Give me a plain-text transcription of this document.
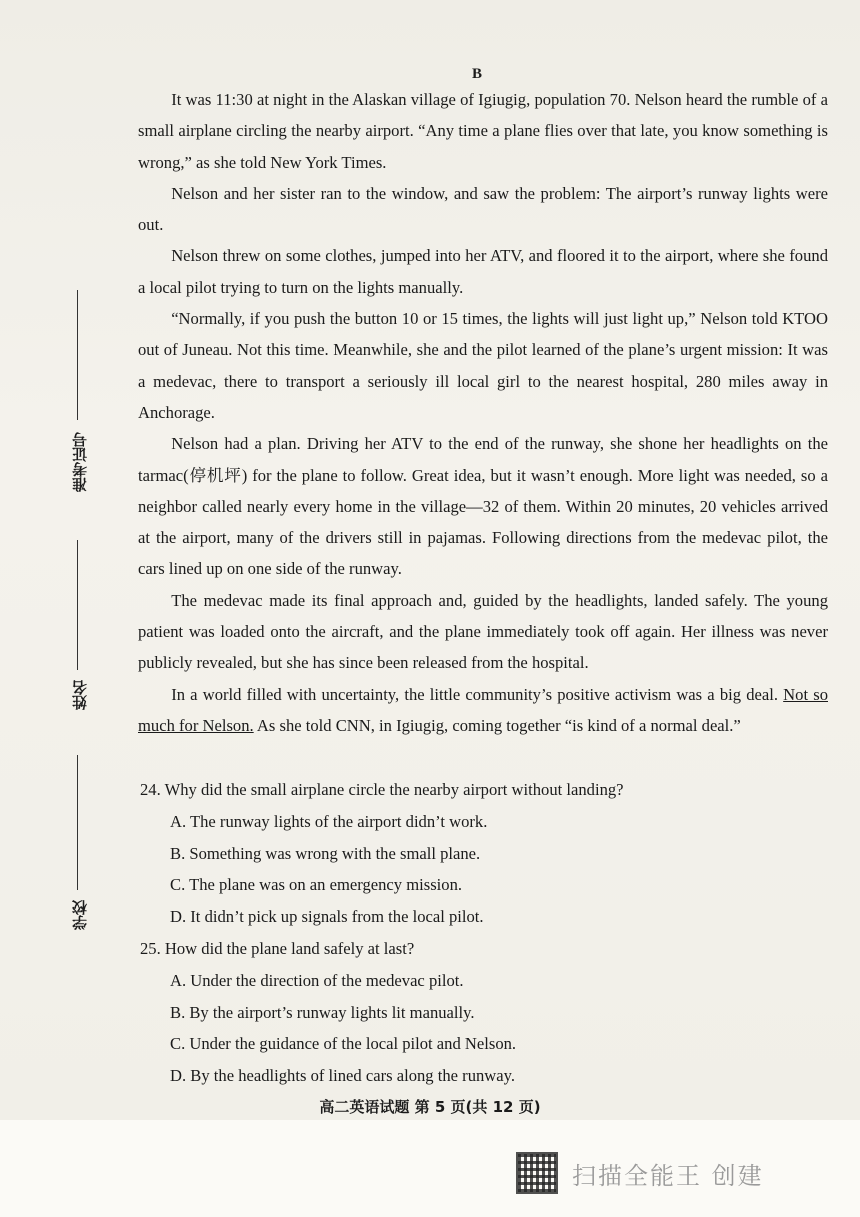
准考证号
姓名
学校
B

It was 11:30 at night in the Alaskan village of Igiugig, population 70. Nelson heard the rumble of a small airplane circling the nearby airport. “Any time a plane flies over that late, you know something is wrong,” as she told New York Times.

Nelson and her sister ran to the window, and saw the problem: The airport’s runway lights were out.

Nelson threw on some clothes, jumped into her ATV, and floored it to the airport, where she found a local pilot trying to turn on the lights manually.

“Normally, if you push the button 10 or 15 times, the lights will just light up,” Nelson told KTOO out of Juneau. Not this time. Meanwhile, she and the pilot learned of the plane’s urgent mission: It was a medevac, there to transport a seriously ill local girl to the nearest hospital, 280 miles away in Anchorage.

Nelson had a plan. Driving her ATV to the end of the runway, she shone her headlights on the tarmac(停机坪) for the plane to follow. Great idea, but it wasn’t enough. More light was needed, so a neighbor called nearly every home in the village—32 of them. Within 20 minutes, 20 vehicles arrived at the airport, many of the drivers still in pajamas. Following directions from the medevac pilot, the cars lined up on one side of the runway.

The medevac made its final approach and, guided by the headlights, landed safely. The young patient was loaded onto the aircraft, and the plane immediately took off again. Her illness was never publicly revealed, but she has since been released from the hospital.

In a world filled with uncertainty, the little community’s positive activism was a big deal. Not so much for Nelson. As she told CNN, in Igiugig, coming together “is kind of a normal deal.”

24. Why did the small airplane circle the nearby airport without landing?

A. The runway lights of the airport didn’t work.

B. Something was wrong with the small plane.

C. The plane was on an emergency mission.

D. It didn’t pick up signals from the local pilot.

25. How did the plane land safely at last?

A. Under the direction of the medevac pilot.

B. By the airport’s runway lights lit manually.

C. Under the guidance of the local pilot and Nelson.

D. By the headlights of lined cars along the runway.

高二英语试题 第 5 页(共 12 页)
扫描全能王 创建
